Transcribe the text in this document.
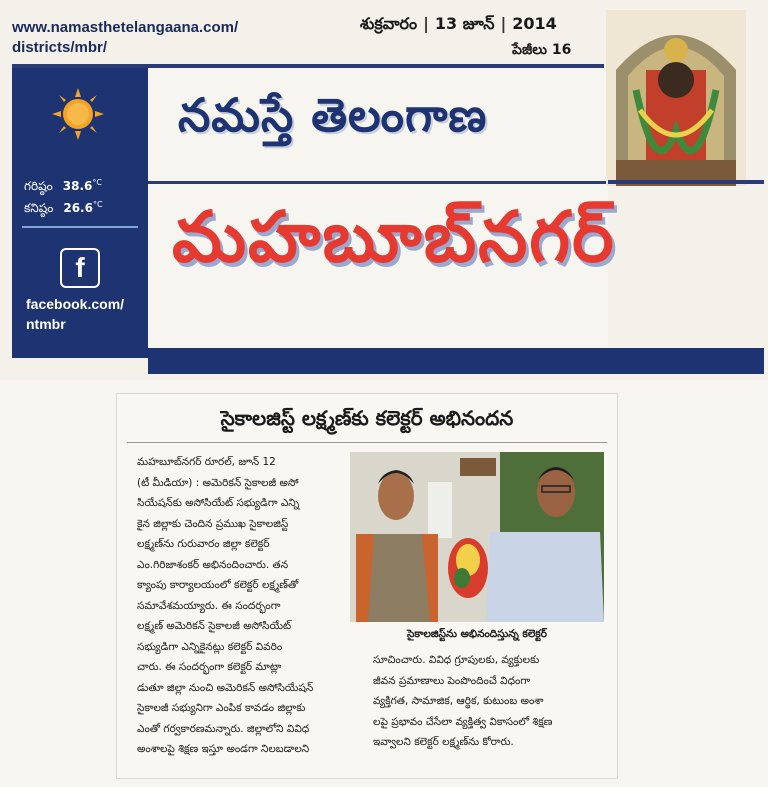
www.namasthetelangaana.com/
districts/mbr/
శుక్రవారం | 13 జూన్ | 2014
పేజీలు 16
గరిష్ఠం $38.6^{^\circ C}$
కనిష్ఠం $26.6^{^\circ C}$
f
facebook.com/
ntmbr
నమస్తే తెలంగాణ
మహబూబ్‌నగర్
సైకాలజిస్ట్ లక్ష్మణ్‌కు కలెక్టర్ అభినందన
మహబూబ్‌నగర్ రూరల్, జూన్ 12
(టీ మీడియా) : అమెరికన్ సైకాలజీ అసో
సియేషన్‌కు అసోసియేట్ సభ్యుడిగా ఎన్ని
కైన జిల్లాకు చెందిన ప్రముఖ సైకాలజిస్ట్
లక్ష్మణ్‌ను గురువారం జిల్లా కలెక్టర్
ఎం.గిరిజాశంకర్ అభినందించారు. తన
క్యాంపు కార్యాలయంలో కలెక్టర్ లక్ష్మణ్‌తో
సమావేశమయ్యారు. ఈ సందర్భంగా
లక్ష్మణ్ అమెరికన్ సైకాలజీ అసోసియేట్
సభ్యుడిగా ఎన్నికైనట్లు కలెక్టర్ వివరిం
చారు. ఈ సందర్భంగా కలెక్టర్ మాట్లా
డుతూ జిల్లా నుంచి అమెరికన్ అసోసియేషన్
సైకాలజీ సభ్యునిగా ఎంపిక కావడం జిల్లాకు
ఎంతో గర్వకారణమన్నారు. జిల్లాలోని వివిధ
అంశాలపై శిక్షణ ఇస్తూ అండగా నిలబడాలని
సైకాలజిస్ట్‌ను అభినందిస్తున్న కలెక్టర్
సూచించారు. వివిధ గ్రూపులకు, వ్యక్తులకు
జీవన ప్రమాణాలు పెంపొందించే విధంగా
వ్యక్తిగత, సామాజిక, ఆర్థిక, కుటుంబ అంశా
లపై ప్రభావం చేసేలా వ్యక్తిత్వ వికాసంలో శిక్షణ
ఇవ్వాలని కలెక్టర్ లక్ష్మణ్‌ను కోరారు.
